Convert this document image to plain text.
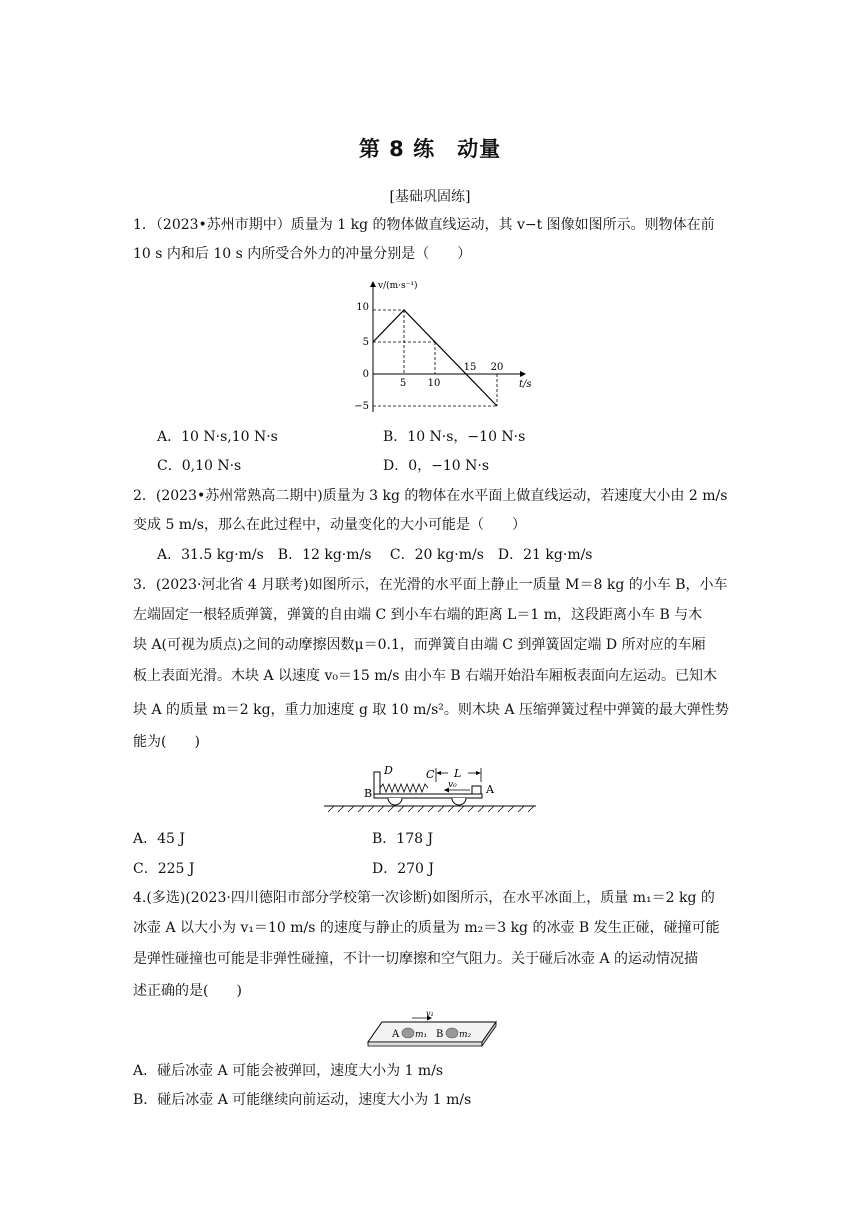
第 8 练　动量
[基础巩固练]
1．（2023•苏州市期中）质量为 1 kg 的物体做直线运动，其 v−t 图像如图所示。则物体在前
10 s 内和后 10 s 内所受合外力的冲量分别是（　　）
v/(m·s⁻¹)
t/s
10
5
0
−5
5 10
15 20
A．10 N·s,10 N·s	B．10 N·s，−10 N·s
C．0,10 N·s	D．0，−10 N·s
2．(2023•苏州常熟高二期中)质量为 3 kg 的物体在水平面上做直线运动，若速度大小由 2 m/s
变成 5 m/s，那么在此过程中，动量变化的大小可能是（　　）
A．31.5 kg·m/s　B．12 kg·m/s　 C．20 kg·m/s　D．21 kg·m/s
3．(2023·河北省 4 月联考)如图所示，在光滑的水平面上静止一质量 M＝8 kg 的小车 B，小车
左端固定一根轻质弹簧，弹簧的自由端 C 到小车右端的距离 L＝1 m，这段距离小车 B 与木
块 A(可视为质点)之间的动摩擦因数μ＝0.1，而弹簧自由端 C 到弹簧固定端 D 所对应的车厢
板上表面光滑。木块 A 以速度 v₀＝15 m/s 由小车 B 右端开始沿车厢板表面向左运动。已知木
块 A 的质量 m＝2 kg，重力加速度 g 取 10 m/s²。则木块 A 压缩弹簧过程中弹簧的最大弹性势
能为(　　)
D	C L
B	A
v₀
A．45 J	B．178 J
C．225 J	D．270 J
4.(多选)(2023·四川德阳市部分学校第一次诊断)如图所示，在水平冰面上，质量 m₁＝2 kg 的
冰壶 A 以大小为 v₁＝10 m/s 的速度与静止的质量为 m₂＝3 kg 的冰壶 B 发生正碰，碰撞可能
是弹性碰撞也可能是非弹性碰撞，不计一切摩擦和空气阻力。关于碰后冰壶 A 的运动情况描
述正确的是(　　)
v₁
A m₁ B m₂
A．碰后冰壶 A 可能会被弹回，速度大小为 1 m/s
B．碰后冰壶 A 可能继续向前运动，速度大小为 1 m/s
